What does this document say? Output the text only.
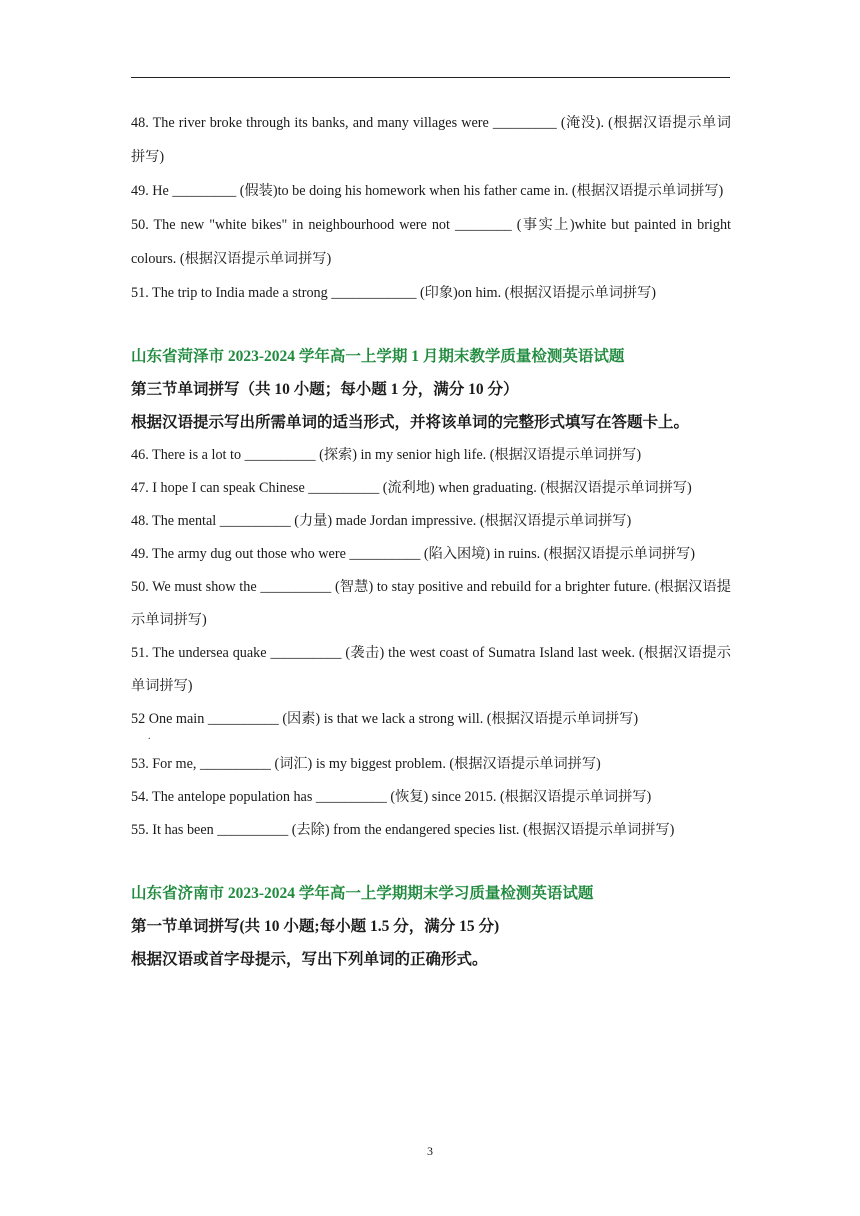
48. The river broke through its banks, and many villages were _________ (淹没). (根据汉语提示单词拼写)
49. He _________ (假装)to be doing his homework when his father came in. (根据汉语提示单词拼写)
50. The new "white bikes" in neighbourhood were not ________ (事实上)white but painted in bright colours. (根据汉语提示单词拼写)
51. The trip to India made a strong ____________ (印象)on him. (根据汉语提示单词拼写)
山东省菏泽市 2023-2024 学年高一上学期 1 月期末教学质量检测英语试题
第三节单词拼写（共 10 小题；每小题 1 分，满分 10 分）
根据汉语提示写出所需单词的适当形式，并将该单词的完整形式填写在答题卡上。
46. There is a lot to __________ (探索) in my senior high life. (根据汉语提示单词拼写)
47. I hope I can speak Chinese __________ (流利地) when graduating. (根据汉语提示单词拼写)
48. The mental __________ (力量) made Jordan impressive. (根据汉语提示单词拼写)
49. The army dug out those who were __________ (陷入困境) in ruins. (根据汉语提示单词拼写)
50. We must show the __________ (智慧) to stay positive and rebuild for a brighter future. (根据汉语提示单词拼写)
51. The undersea quake __________ (袭击) the west coast of Sumatra Island last week. (根据汉语提示单词拼写)
52 One main __________ (因素) is that we lack a strong will. (根据汉语提示单词拼写)
.
53. For me, __________ (词汇) is my biggest problem. (根据汉语提示单词拼写)
54. The antelope population has __________ (恢复) since 2015. (根据汉语提示单词拼写)
55. It has been __________ (去除) from the endangered species list. (根据汉语提示单词拼写)
山东省济南市 2023-2024 学年高一上学期期末学习质量检测英语试题
第一节单词拼写(共 10 小题;每小题 1.5 分，满分 15 分)
根据汉语或首字母提示，写出下列单词的正确形式。
3
